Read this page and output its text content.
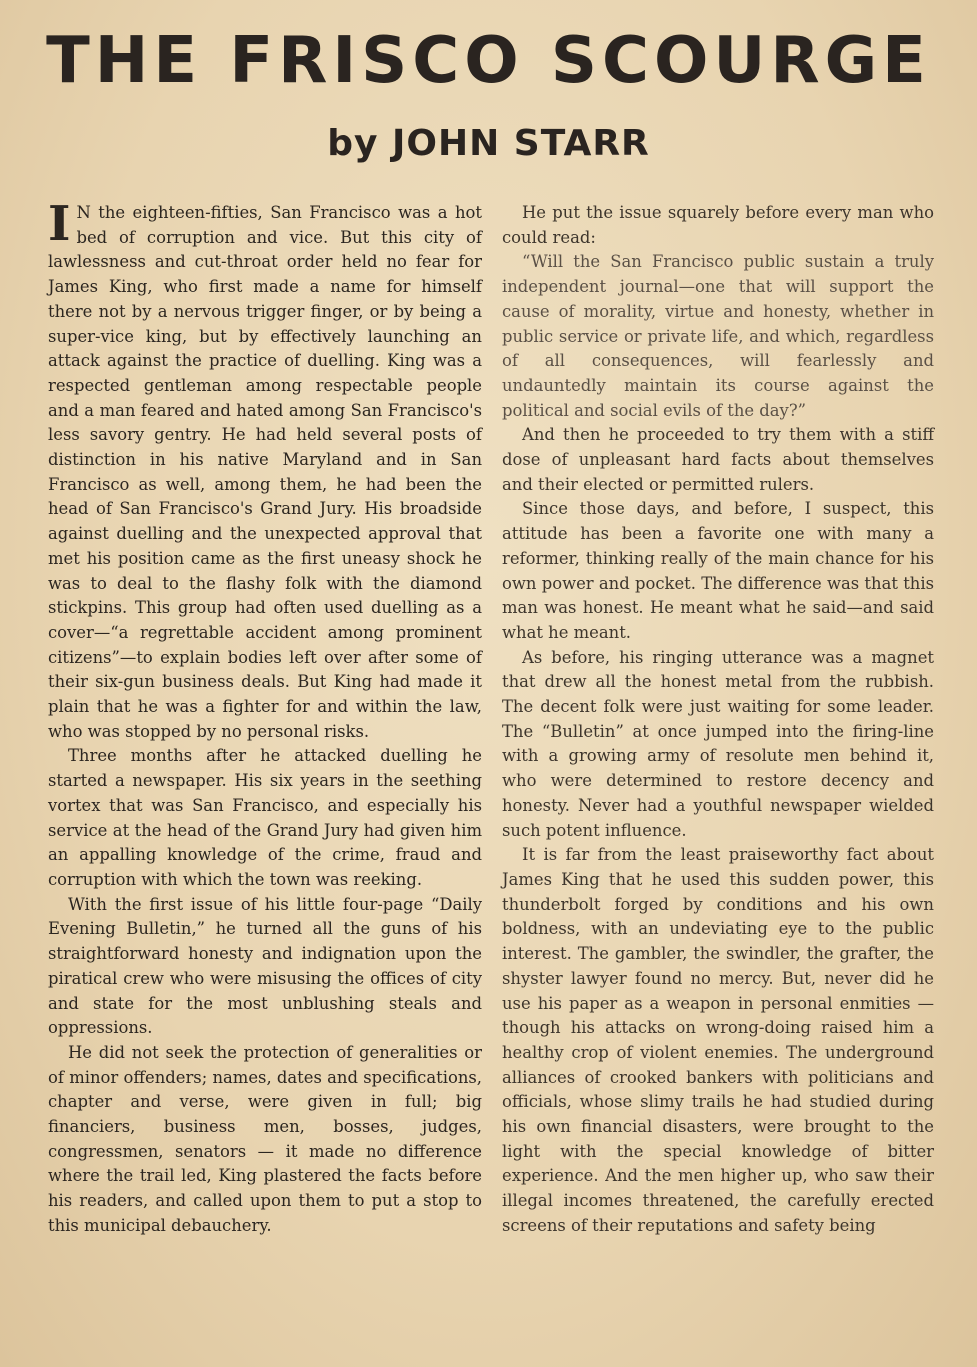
THE FRISCO SCOURGE
by JOHN STARR

I N the eighteen-fifties, San Francisco was a hot bed of corruption and vice. But this city of lawlessness and cut-throat order held no fear for James King, who first made a name for himself there not by a nervous trigger finger, or by being a super-vice king, but by effectively launching an attack against the practice of duelling. King was a respected gentleman among respectable people and a man feared and hated among San Francisco's less savory gentry. He had held several posts of distinction in his native Maryland and in San Francisco as well, among them, he had been the head of San Francisco's Grand Jury. His broadside against duelling and the unexpected approval that met his position came as the first uneasy shock he was to deal to the flashy folk with the diamond stickpins. This group had often used duelling as a cover—“a regrettable accident among prominent citizens”—to explain bodies left over after some of their six-gun business deals. But King had made it plain that he was a fighter for and within the law, who was stopped by no personal risks.

Three months after he attacked duelling he started a newspaper. His six years in the seething vortex that was San Francisco, and especially his service at the head of the Grand Jury had given him an appalling knowledge of the crime, fraud and corruption with which the town was reeking.

With the first issue of his little four-page “Daily Evening Bulletin,” he turned all the guns of his straightforward honesty and indignation upon the piratical crew who were misusing the offices of city and state for the most unblushing steals and oppressions.

He did not seek the protection of generalities or of minor offenders; names, dates and specifications, chapter and verse, were given in full; big financiers, business men, bosses, judges, congressmen, senators — it made no difference where the trail led, King plastered the facts before his readers, and called upon them to put a stop to this municipal debauchery.

He put the issue squarely before every man who could read:

“Will the San Francisco public sustain a truly independent journal—one that will support the cause of morality, virtue and honesty, whether in public service or private life, and which, regardless of all consequences, will fearlessly and undauntedly maintain its course against the political and social evils of the day?”

And then he proceeded to try them with a stiff dose of unpleasant hard facts about themselves and their elected or permitted rulers.

Since those days, and before, I suspect, this attitude has been a favorite one with many a reformer, thinking really of the main chance for his own power and pocket. The difference was that this man was honest. He meant what he said—and said what he meant.

As before, his ringing utterance was a magnet that drew all the honest metal from the rubbish. The decent folk were just waiting for some leader. The “Bulletin” at once jumped into the firing-line with a growing army of resolute men behind it, who were determined to restore decency and honesty. Never had a youthful newspaper wielded such potent influence.

It is far from the least praiseworthy fact about James King that he used this sudden power, this thunderbolt forged by conditions and his own boldness, with an undeviating eye to the public interest. The gambler, the swindler, the grafter, the shyster lawyer found no mercy. But, never did he use his paper as a weapon in personal enmities — though his attacks on wrong-doing raised him a healthy crop of violent enemies. The underground alliances of crooked bankers with politicians and officials, whose slimy trails he had studied during his own financial disasters, were brought to the light with the special knowledge of bitter experience. And the men higher up, who saw their illegal incomes threatened, the carefully erected screens of their reputations and safety being
